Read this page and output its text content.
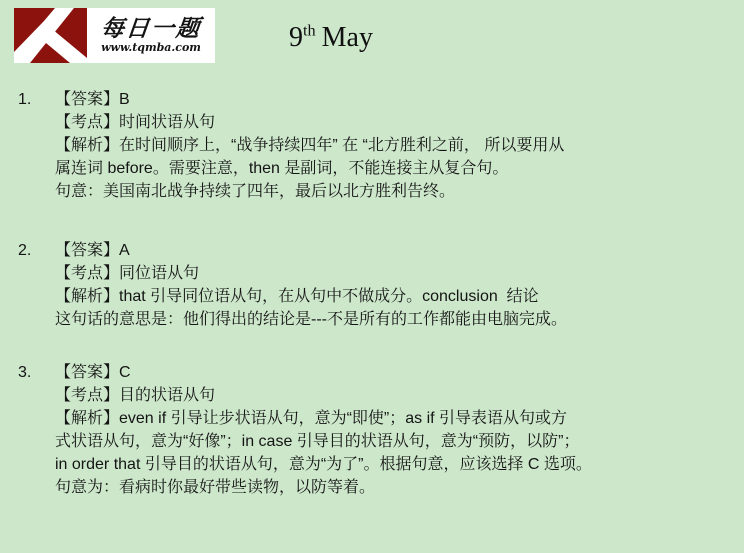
每日一题
www.tqmba.com	9th May
1.	【答案】B
【考点】时间状语从句
【解析】在时间顺序上，“战争持续四年” 在 “北方胜利之前， 所以要用从
属连词 before。需要注意，then 是副词，不能连接主从复合句。
句意：美国南北战争持续了四年，最后以北方胜利告终。
2.	【答案】A
【考点】同位语从句
【解析】that 引导同位语从句，在从句中不做成分。conclusion  结论
这句话的意思是：他们得出的结论是---不是所有的工作都能由电脑完成。
3.	【答案】C
【考点】目的状语从句
【解析】even if 引导让步状语从句，意为“即使”；as if 引导表语从句或方
式状语从句，意为“好像”；in case 引导目的状语从句，意为“预防，以防”；
in order that 引导目的状语从句，意为“为了”。根据句意，应该选择 C 选项。
句意为：看病时你最好带些读物，以防等着。
